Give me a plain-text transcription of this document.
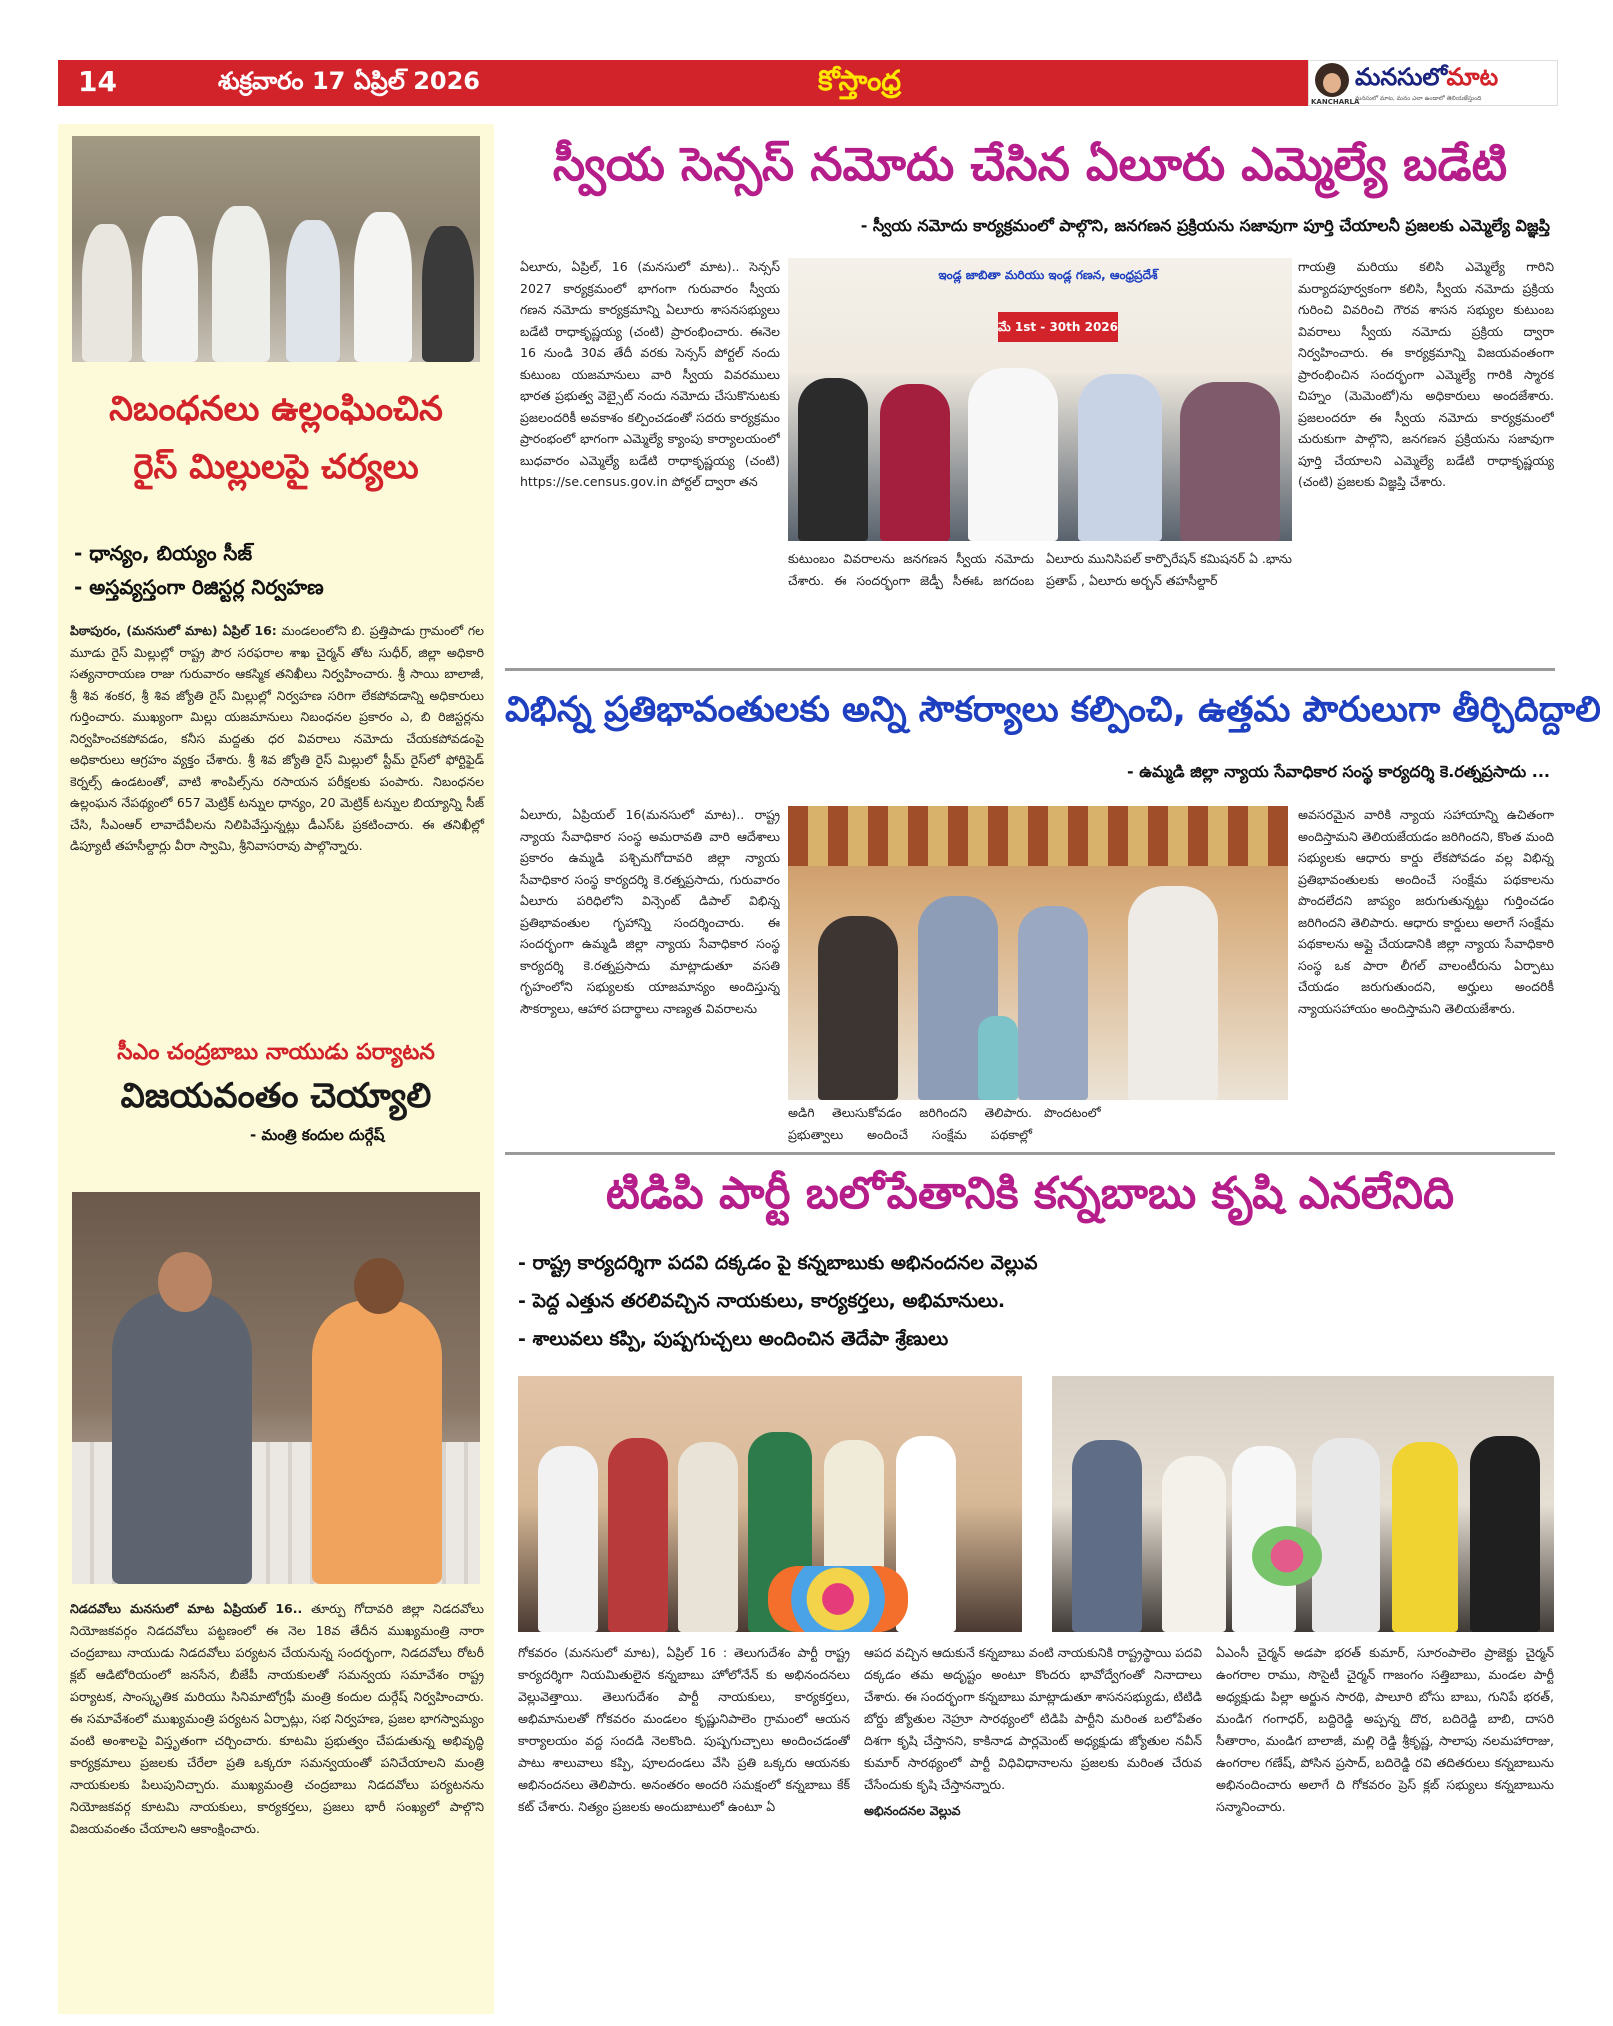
14	శుక్రవారం 17 ఏప్రిల్ 2026	కోస్తాంధ్ర
KANCHARLA
మనసులోమాట
మనసులో మాట, మనం ఎలా ఉండాలో తెలియజేస్తుంది
నిబంధనలు ఉల్లంఘించిన
రైస్ మిల్లులపై చర్యలు
- ధాన్యం, బియ్యం సీజ్
- అస్తవ్యస్తంగా రిజిస్టర్ల నిర్వహణ
పిఠాపురం, (మనసులో మాట) ఏప్రిల్ 16: మండలంలోని బి. ప్రత్తిపాడు గ్రామంలో గల మూడు రైస్ మిల్లుల్లో రాష్ట్ర పౌర సరఫరాల శాఖ చైర్మన్ తోట సుధీర్, జిల్లా అధికారి సత్యనారాయణ రాజు గురువారం ఆకస్మిక తనిఖీలు నిర్వహించారు. శ్రీ సాయి బాలాజీ, శ్రీ శివ శంకర, శ్రీ శివ జ్యోతి రైస్ మిల్లుల్లో నిర్వహణ సరిగా లేకపోవడాన్ని అధికారులు గుర్తించారు. ముఖ్యంగా మిల్లు యజమానులు నిబంధనల ప్రకారం ఎ, బి రిజిస్టర్లను నిర్వహించకపోవడం, కనీస మద్దతు ధర వివరాలు నమోదు చేయకపోవడంపై అధికారులు ఆగ్రహం వ్యక్తం చేశారు. శ్రీ శివ జ్యోతి రైస్ మిల్లులో స్టీమ్ రైస్‌లో ఫోర్టిఫైడ్ కెర్నల్స్ ఉండటంతో, వాటి శాంపిల్స్‌ను రసాయన పరీక్షలకు పంపారు. నిబంధనల ఉల్లంఘన నేపథ్యంలో 657 మెట్రిక్ టన్నుల ధాన్యం, 20 మెట్రిక్ టన్నుల బియ్యాన్ని సీజ్ చేసి, సీఎంఆర్ లావాదేవీలను నిలిపివేస్తున్నట్లు డీఎస్‌ఓ ప్రకటించారు. ఈ తనిఖీల్లో డిప్యూటీ తహసీల్దార్లు వీరా స్వామి, శ్రీనివాసరావు పాల్గొన్నారు.
సీఎం చంద్రబాబు నాయుడు పర్యాటన
విజయవంతం చెయ్యాలి
- మంత్రి కందుల దుర్గేష్
నిడదవోలు మనసులో మాట ఏప్రియల్ 16.. తూర్పు గోదావరి జిల్లా నిడదవోలు నియోజకవర్గం నిడదవోలు పట్టణంలో ఈ నెల 18వ తేదీన ముఖ్యమంత్రి నారా చంద్రబాబు నాయుడు నిడదవోలు పర్యటన చేయనున్న సందర్భంగా, నిడదవోలు రోటరీ క్లబ్ ఆడిటోరియంలో జనసేన, బీజేపీ నాయకులతో సమన్వయ సమావేశం రాష్ట్ర పర్యాటక, సాంస్కృతిక మరియు సినిమాటోగ్రఫీ మంత్రి కందుల దుర్గేష్ నిర్వహించారు. ఈ సమావేశంలో ముఖ్యమంత్రి పర్యటన ఏర్పాట్లు, సభ నిర్వహణ, ప్రజల భాగస్వామ్యం వంటి అంశాలపై విస్తృతంగా చర్చించారు. కూటమి ప్రభుత్వం చేపడుతున్న అభివృద్ధి కార్యక్రమాలు ప్రజలకు చేరేలా ప్రతి ఒక్కరూ సమన్వయంతో పనిచేయాలని మంత్రి నాయకులకు పిలుపునిచ్చారు. ముఖ్యమంత్రి చంద్రబాబు నిడదవోలు పర్యటనను నియోజకవర్గ కూటమి నాయకులు, కార్యకర్తలు, ప్రజలు భారీ సంఖ్యలో పాల్గొని విజయవంతం చేయాలని ఆకాంక్షించారు.
స్వీయ సెన్సస్ నమోదు చేసిన ఏలూరు ఎమ్మెల్యే బడేటి
- స్వీయ నమోదు కార్యక్రమంలో పాల్గొని, జనగణన ప్రక్రియను సజావుగా పూర్తి చేయాలనీ ప్రజలకు ఎమ్మెల్యే విజ్ఞప్తి
ఏలూరు, ఏప్రిల్, 16 (మనసులో మాట).. సెన్సస్ 2027 కార్యక్రమంలో భాగంగా గురువారం స్వీయ గణన నమోదు కార్యక్రమాన్ని ఏలూరు శాసనసభ్యులు బడేటి రాధాకృష్ణయ్య (చంటి) ప్రారంభించారు. ఈనెల 16 నుండి 30వ తేదీ వరకు సెన్సస్ పోర్టల్ నందు కుటుంబ యజమానులు వారి స్వీయ వివరములు భారత ప్రభుత్వ వెబ్సైట్ నందు నమోదు చేసుకొనుటకు ప్రజలందరికీ అవకాశం కల్పించడంతో సదరు కార్యక్రమం ప్రారంభంలో భాగంగా ఎమ్మెల్యే క్యాంపు కార్యాలయంలో బుధవారం ఎమ్మెల్యే బడేటి రాధాకృష్ణయ్య (చంటి) https://se.census.gov.in పోర్టల్ ద్వారా తన
ఇండ్ల జాబితా మరియు ఇండ్ల గణన, ఆంధ్రప్రదేశ్
మే 1st - 30th 2026
కుటుంబం వివరాలను జనగణన స్వీయ నమోదు చేశారు. ఈ సందర్భంగా జెడ్పీ సీఈఓ జగదంబ ఏలూరు మునిసిపల్ కార్పొరేషన్ కమిషనర్ ఏ .భాను ప్రతాప్ , ఏలూరు అర్బన్ తహసీల్దార్
గాయత్రి మరియు కలిసి ఎమ్మెల్యే గారిని మర్యాదపూర్వకంగా కలిసి, స్వీయ నమోదు ప్రక్రియ గురించి వివరించి గౌరవ శాసన సభ్యుల కుటుంబ వివరాలు స్వీయ నమోదు ప్రక్రియ ద్వారా నిర్వహించారు. ఈ కార్యక్రమాన్ని విజయవంతంగా ప్రారంభించిన సందర్భంగా ఎమ్మెల్యే గారికి స్మారక చిహ్నం (మెమెంటో)ను అధికారులు అందజేశారు. ప్రజలందరూ ఈ స్వీయ నమోదు కార్యక్రమంలో చురుకుగా పాల్గొని, జనగణన ప్రక్రియను సజావుగా పూర్తి చేయాలని ఎమ్మెల్యే బడేటి రాధాకృష్ణయ్య (చంటి) ప్రజలకు విజ్ఞప్తి చేశారు.
విభిన్న ప్రతిభావంతులకు అన్ని సౌకర్యాలు కల్పించి, ఉత్తమ పౌరులుగా తీర్చిదిద్దాలి
- ఉమ్మడి జిల్లా న్యాయ సేవాధికార సంస్థ కార్యదర్శి కె.రత్నప్రసాదు ...
ఏలూరు, ఏప్రియల్ 16(మనసులో మాట).. రాష్ట్ర న్యాయ సేవాధికార సంస్థ అమరావతి వారి ఆదేశాలు ప్రకారం ఉమ్మడి పశ్చిమగోదావరి జిల్లా న్యాయ సేవాధికార సంస్థ కార్యదర్శి కె.రత్నప్రసాదు, గురువారం ఏలూరు పరిధిలోని విన్సెంట్ డిపాల్ విభిన్న ప్రతిభావంతుల గృహాన్ని సందర్శించారు. ఈ సందర్భంగా ఉమ్మడి జిల్లా న్యాయ సేవాధికార సంస్థ కార్యదర్శి కె.రత్నప్రసాదు మాట్లాడుతూ వసతి గృహంలోని సభ్యులకు యాజమాన్యం అందిస్తున్న సౌకర్యాలు, ఆహార పదార్థాలు నాణ్యత వివరాలను
అడిగి తెలుసుకోవడం జరిగిందని తెలిపారు. ప్రభుత్వాలు అందించే సంక్షేమ పథకాల్లో పొందటంలో
అవసరమైన వారికి న్యాయ సహాయాన్ని ఉచితంగా అందిస్తామని తెలియజేయడం జరిగిందని, కొంత మంది సభ్యులకు ఆధారు కార్డు లేకపోవడం వల్ల విభిన్న ప్రతిభావంతులకు అందించే సంక్షేమ పథకాలను పొందలేదని జాప్యం జరుగుతున్నట్టు గుర్తించడం జరిగిందని తెలిపారు. ఆధారు కార్డులు అలాగే సంక్షేమ పథకాలను అప్లై చేయడానికి జిల్లా న్యాయ సేవాధికారి సంస్థ ఒక పారా లీగల్ వాలంటీరును ఏర్పాటు చేయడం జరుగుతుందని, అర్హులు అందరికీ న్యాయసహాయం అందిస్తామని తెలియజేశారు.
టిడిపి పార్టీ బలోపేతానికి కన్నబాబు కృషి ఎనలేనిది
- రాష్ట్ర కార్యదర్శిగా పదవి దక్కడం పై కన్నబాబుకు అభినందనల వెల్లువ
- పెద్ద ఎత్తున తరలివచ్చిన నాయకులు, కార్యకర్తలు, అభిమానులు.
- శాలువలు కప్పి, పుష్పగుచ్చలు అందించిన తెదేపా శ్రేణులు
గోకవరం (మనసులో మాట), ఏప్రిల్ 16 : తెలుగుదేశం పార్టీ రాష్ట్ర కార్యదర్శిగా నియమితులైన కన్నబాబు హోలోనేన్ కు అభినందనలు వెల్లువెత్తాయి. తెలుగుదేశం పార్టీ నాయకులు, కార్యకర్తలు, అభిమానులతో గోకవరం మండలం కృష్ణునిపాలెం గ్రామంలో ఆయన కార్యాలయం వద్ద సందడి నెలకొంది. పుష్పగుచ్చాలు అందించడంతో పాటు శాలువాలు కప్పి, పూలదండలు వేసి ప్రతి ఒక్కరు ఆయనకు అభినందనలు తెలిపారు. అనంతరం అందరి సమక్షంలో కన్నబాబు కేక్ కట్ చేశారు. నిత్యం ప్రజలకు అందుబాటులో ఉంటూ ఏ
ఆపద వచ్చిన ఆదుకునే కన్నబాబు వంటి నాయకునికి రాష్ట్రస్థాయి పదవి దక్కడం తమ అదృష్టం అంటూ కొందరు భావోద్వేగంతో నినాదాలు చేశారు. ఈ సందర్భంగా కన్నబాబు మాట్లాడుతూ శాసనసభ్యుడు, టిటిడి బోర్డు జ్యోతుల నెహ్రూ సారథ్యంలో టిడిపి పార్టీని మరింత బలోపేతం దిశగా కృషి చేస్తానని, కాకినాడ పార్లమెంట్ అధ్యక్షుడు జ్యోతుల నవీన్ కుమార్ సారథ్యంలో పార్టీ విధివిధానాలను ప్రజలకు మరింత చేరువ చేసేందుకు కృషి చేస్తానన్నారు.
అభినందనల వెల్లువ
ఏఎంసీ చైర్మన్ అడపా భరత్ కుమార్, సూరంపాలెం ప్రాజెక్టు చైర్మన్ ఉంగరాల రాము, సొసైటీ చైర్మన్ గాజంగం సత్తిబాబు, మండల పార్టీ అధ్యక్షుడు పిల్లా అర్జున సారథి, పాలూరి బోసు బాబు, గునిపే భరత్, మండిగ గంగాధర్, బద్దిరెడ్డి అప్పన్న దొర, బదిరెడ్డి బాబి, దాసరి సీతారాం, మండిగ బాలాజీ, మల్లి రెడ్డి శ్రీకృష్ణ, సాలాపు నలమహారాజు, ఉంగరాల గణేష్, పోసిన ప్రసాద్, బదిరెడ్డి రవి తదితరులు కన్నబాబును అభినందించారు అలాగే ది గోకవరం ప్రెస్ క్లబ్ సభ్యులు కన్నబాబును సన్మానించారు.
